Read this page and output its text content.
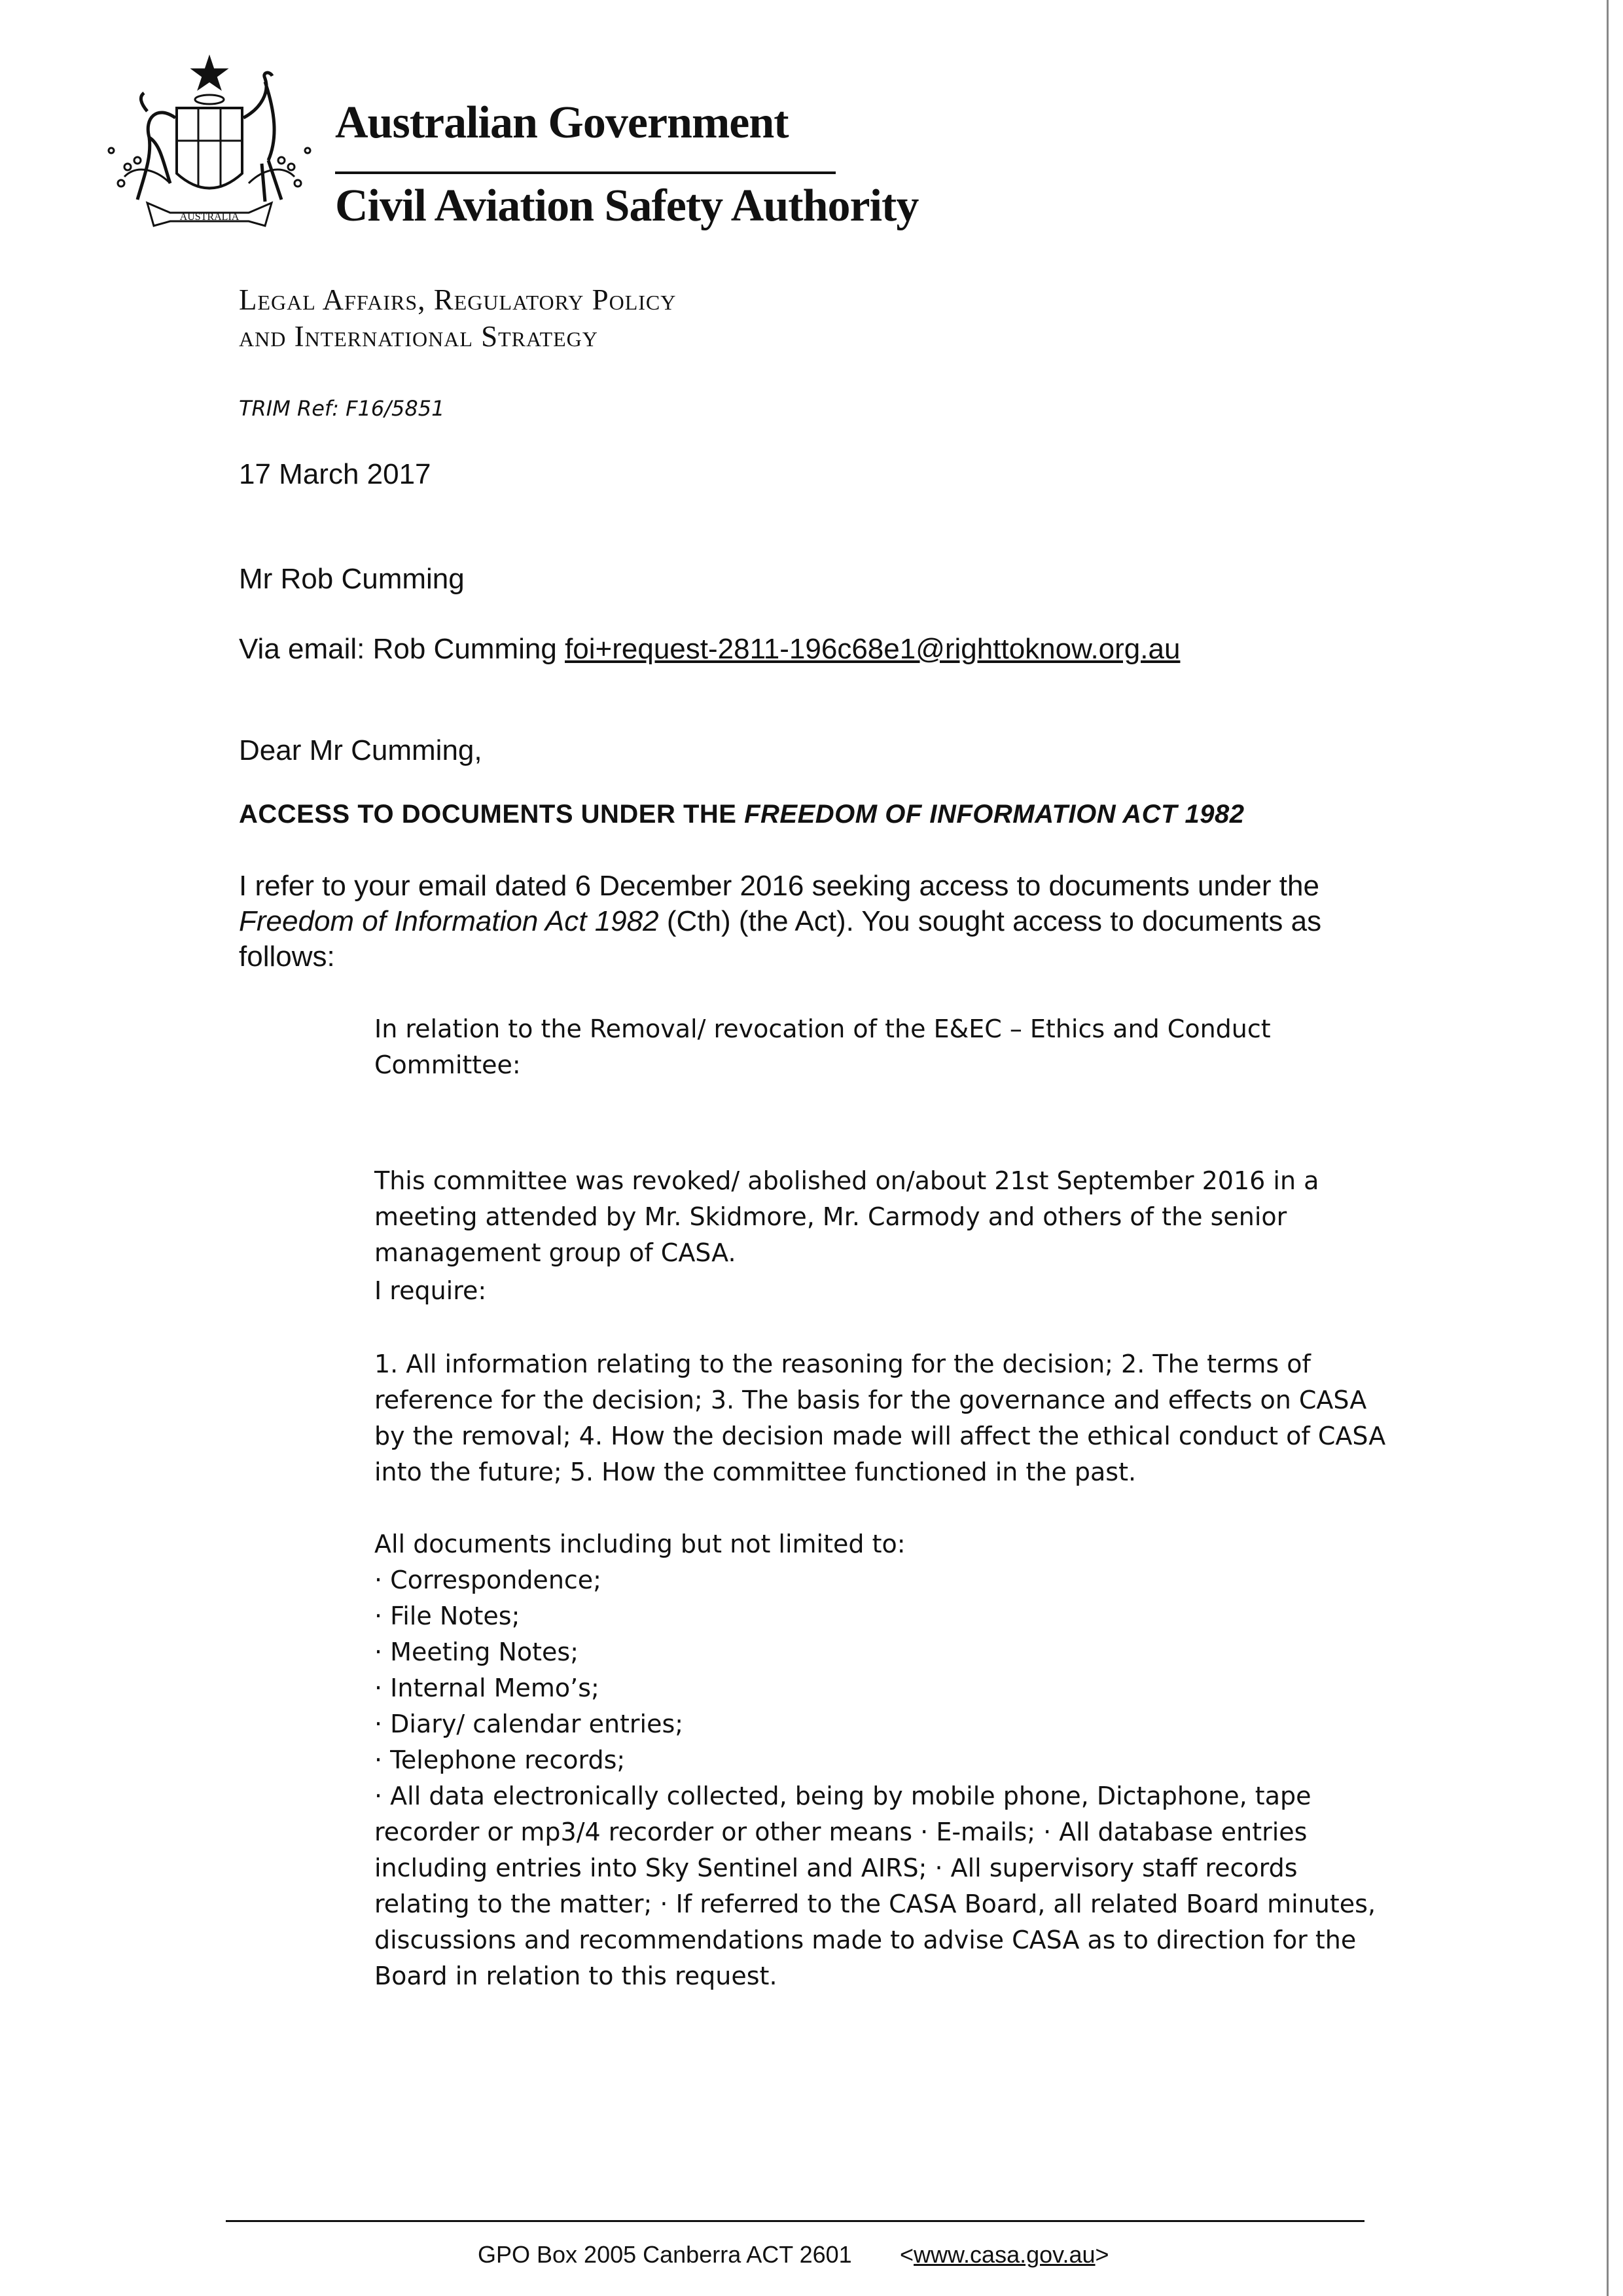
AUSTRALIA
Australian Government
Civil Aviation Safety Authority
Legal Affairs, Regulatory Policy
and International Strategy
TRIM Ref: F16/5851
17 March 2017
Mr Rob Cumming
Via email: Rob Cumming foi+request-2811-196c68e1@righttoknow.org.au
Dear Mr Cumming,
ACCESS TO DOCUMENTS UNDER THE FREEDOM OF INFORMATION ACT 1982
I refer to your email dated 6 December 2016 seeking access to documents under the Freedom of Information Act 1982 (Cth) (the Act). You sought access to documents as follows:
In relation to the Removal/ revocation of the E&EC – Ethics and Conduct Committee:
This committee was revoked/ abolished on/about 21st September 2016 in a meeting attended by Mr. Skidmore, Mr. Carmody and others of the senior management group of CASA.
I require:
1. All information relating to the reasoning for the decision; 2. The terms of reference for the decision; 3. The basis for the governance and effects on CASA by the removal; 4. How the decision made will affect the ethical conduct of CASA into the future; 5. How the committee functioned in the past.
All documents including but not limited to:
· Correspondence;
· File Notes;
· Meeting Notes;
· Internal Memo’s;
· Diary/ calendar entries;
· Telephone records;
· All data electronically collected, being by mobile phone, Dictaphone, tape recorder or mp3/4 recorder or other means · E-mails; · All database entries including entries into Sky Sentinel and AIRS; · All supervisory staff records relating to the matter; · If referred to the CASA Board, all related Board minutes, discussions and recommendations made to advise CASA as to direction for the Board in relation to this request.
GPO Box 2005 Canberra ACT 2601 <www.casa.gov.au>
